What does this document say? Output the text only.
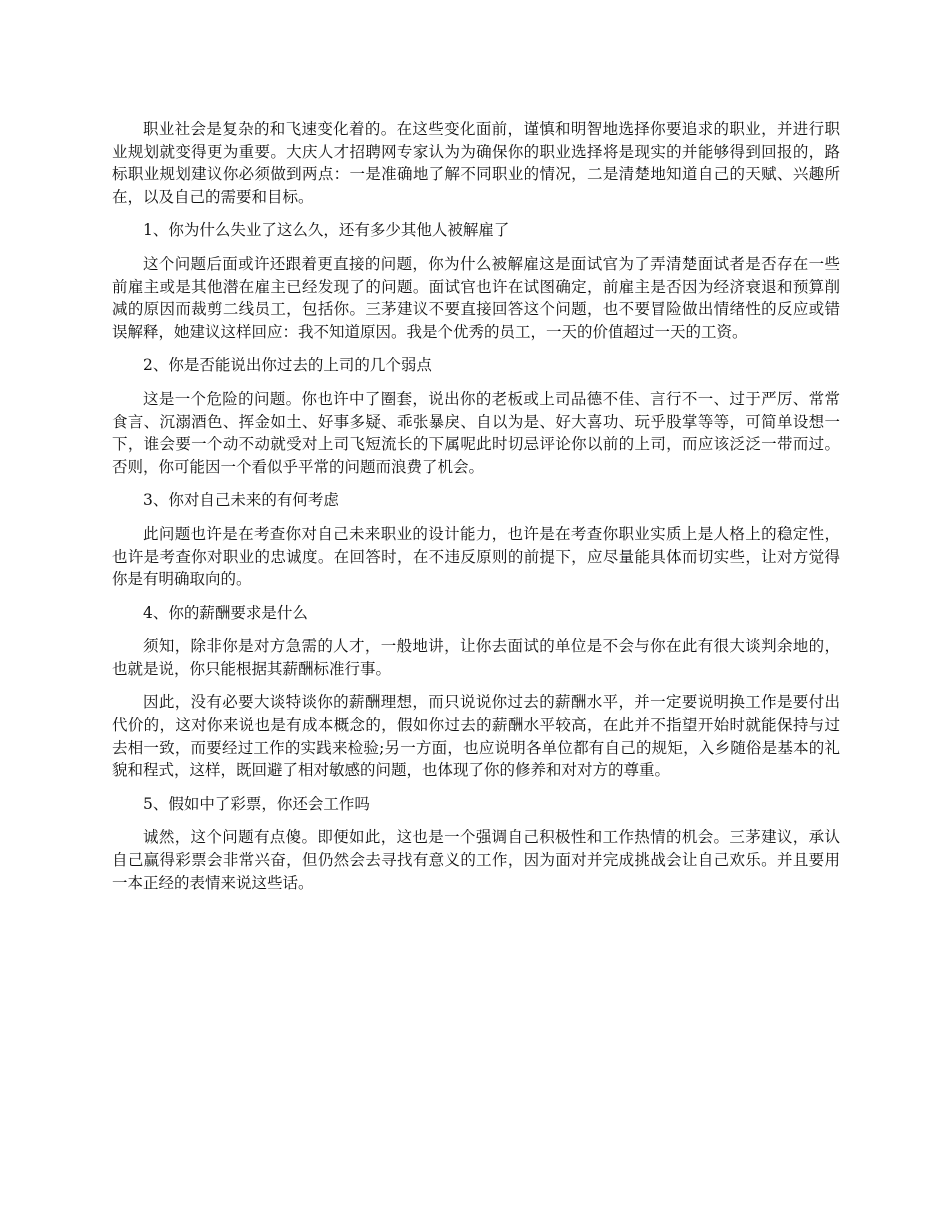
职业社会是复杂的和飞速变化着的。在这些变化面前，谨慎和明智地选择你要追求的职业，并进行职业规划就变得更为重要。大庆人才招聘网专家认为为确保你的职业选择将是现实的并能够得到回报的，路标职业规划建议你必须做到两点：一是准确地了解不同职业的情况，二是清楚地知道自己的天赋、兴趣所在，以及自己的需要和目标。

1、你为什么失业了这么久，还有多少其他人被解雇了

这个问题后面或许还跟着更直接的问题，你为什么被解雇这是面试官为了弄清楚面试者是否存在一些前雇主或是其他潜在雇主已经发现了的问题。面试官也许在试图确定，前雇主是否因为经济衰退和预算削减的原因而裁剪二线员工，包括你。三茅建议不要直接回答这个问题，也不要冒险做出情绪性的反应或错误解释，她建议这样回应：我不知道原因。我是个优秀的员工，一天的价值超过一天的工资。

2、你是否能说出你过去的上司的几个弱点

这是一个危险的问题。你也许中了圈套，说出你的老板或上司品德不佳、言行不一、过于严厉、常常食言、沉溺酒色、挥金如土、好事多疑、乖张暴戾、自以为是、好大喜功、玩乎股掌等等，可简单设想一下，谁会要一个动不动就受对上司飞短流长的下属呢此时切忌评论你以前的上司，而应该泛泛一带而过。否则，你可能因一个看似乎平常的问题而浪费了机会。

3、你对自己未来的有何考虑

此问题也许是在考查你对自己未来职业的设计能力，也许是在考查你职业实质上是人格上的稳定性，也许是考查你对职业的忠诚度。在回答时，在不违反原则的前提下，应尽量能具体而切实些，让对方觉得你是有明确取向的。

4、你的薪酬要求是什么

须知，除非你是对方急需的人才，一般地讲，让你去面试的单位是不会与你在此有很大谈判余地的，也就是说，你只能根据其薪酬标准行事。

因此，没有必要大谈特谈你的薪酬理想，而只说说你过去的薪酬水平，并一定要说明换工作是要付出代价的，这对你来说也是有成本概念的，假如你过去的薪酬水平较高，在此并不指望开始时就能保持与过去相一致，而要经过工作的实践来检验;另一方面，也应说明各单位都有自己的规矩，入乡随俗是基本的礼貌和程式，这样，既回避了相对敏感的问题，也体现了你的修养和对对方的尊重。

5、假如中了彩票，你还会工作吗

诚然，这个问题有点傻。即便如此，这也是一个强调自己积极性和工作热情的机会。三茅建议，承认自己赢得彩票会非常兴奋，但仍然会去寻找有意义的工作，因为面对并完成挑战会让自己欢乐。并且要用一本正经的表情来说这些话。
